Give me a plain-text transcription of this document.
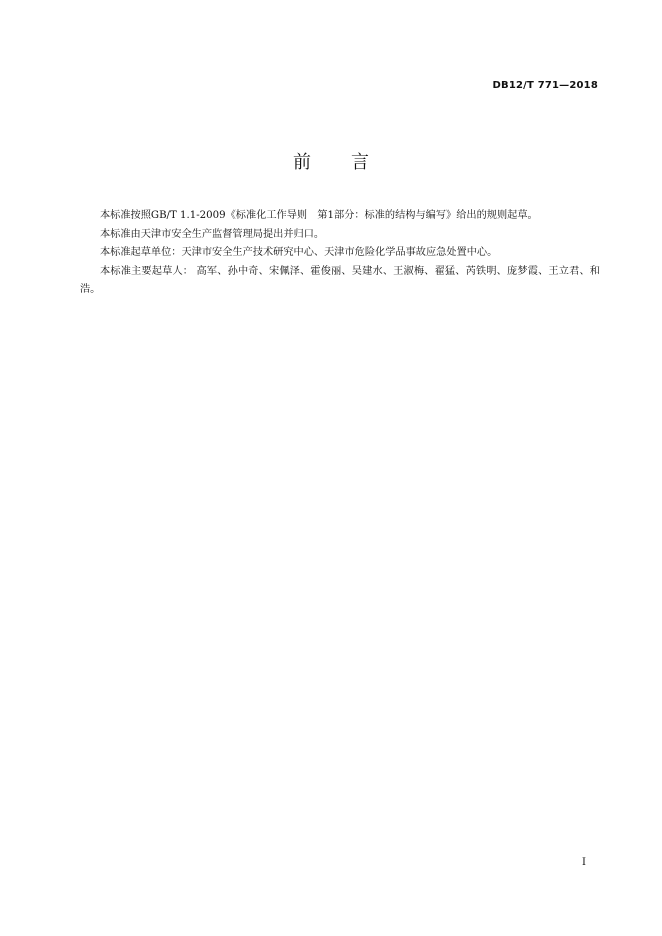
DB12/T 771—2018
前 言

本标准按照GB/T 1.1-2009《标准化工作导则　第1部分：标准的结构与编写》给出的规则起草。

本标准由天津市安全生产监督管理局提出并归口。

本标准起草单位：天津市安全生产技术研究中心、天津市危险化学品事故应急处置中心。

本标准主要起草人： 高军、孙中奇、宋佩泽、霍俊丽、吴建水、王淑梅、翟猛、芮铁明、庞梦霞、王立君、和浩。

I
